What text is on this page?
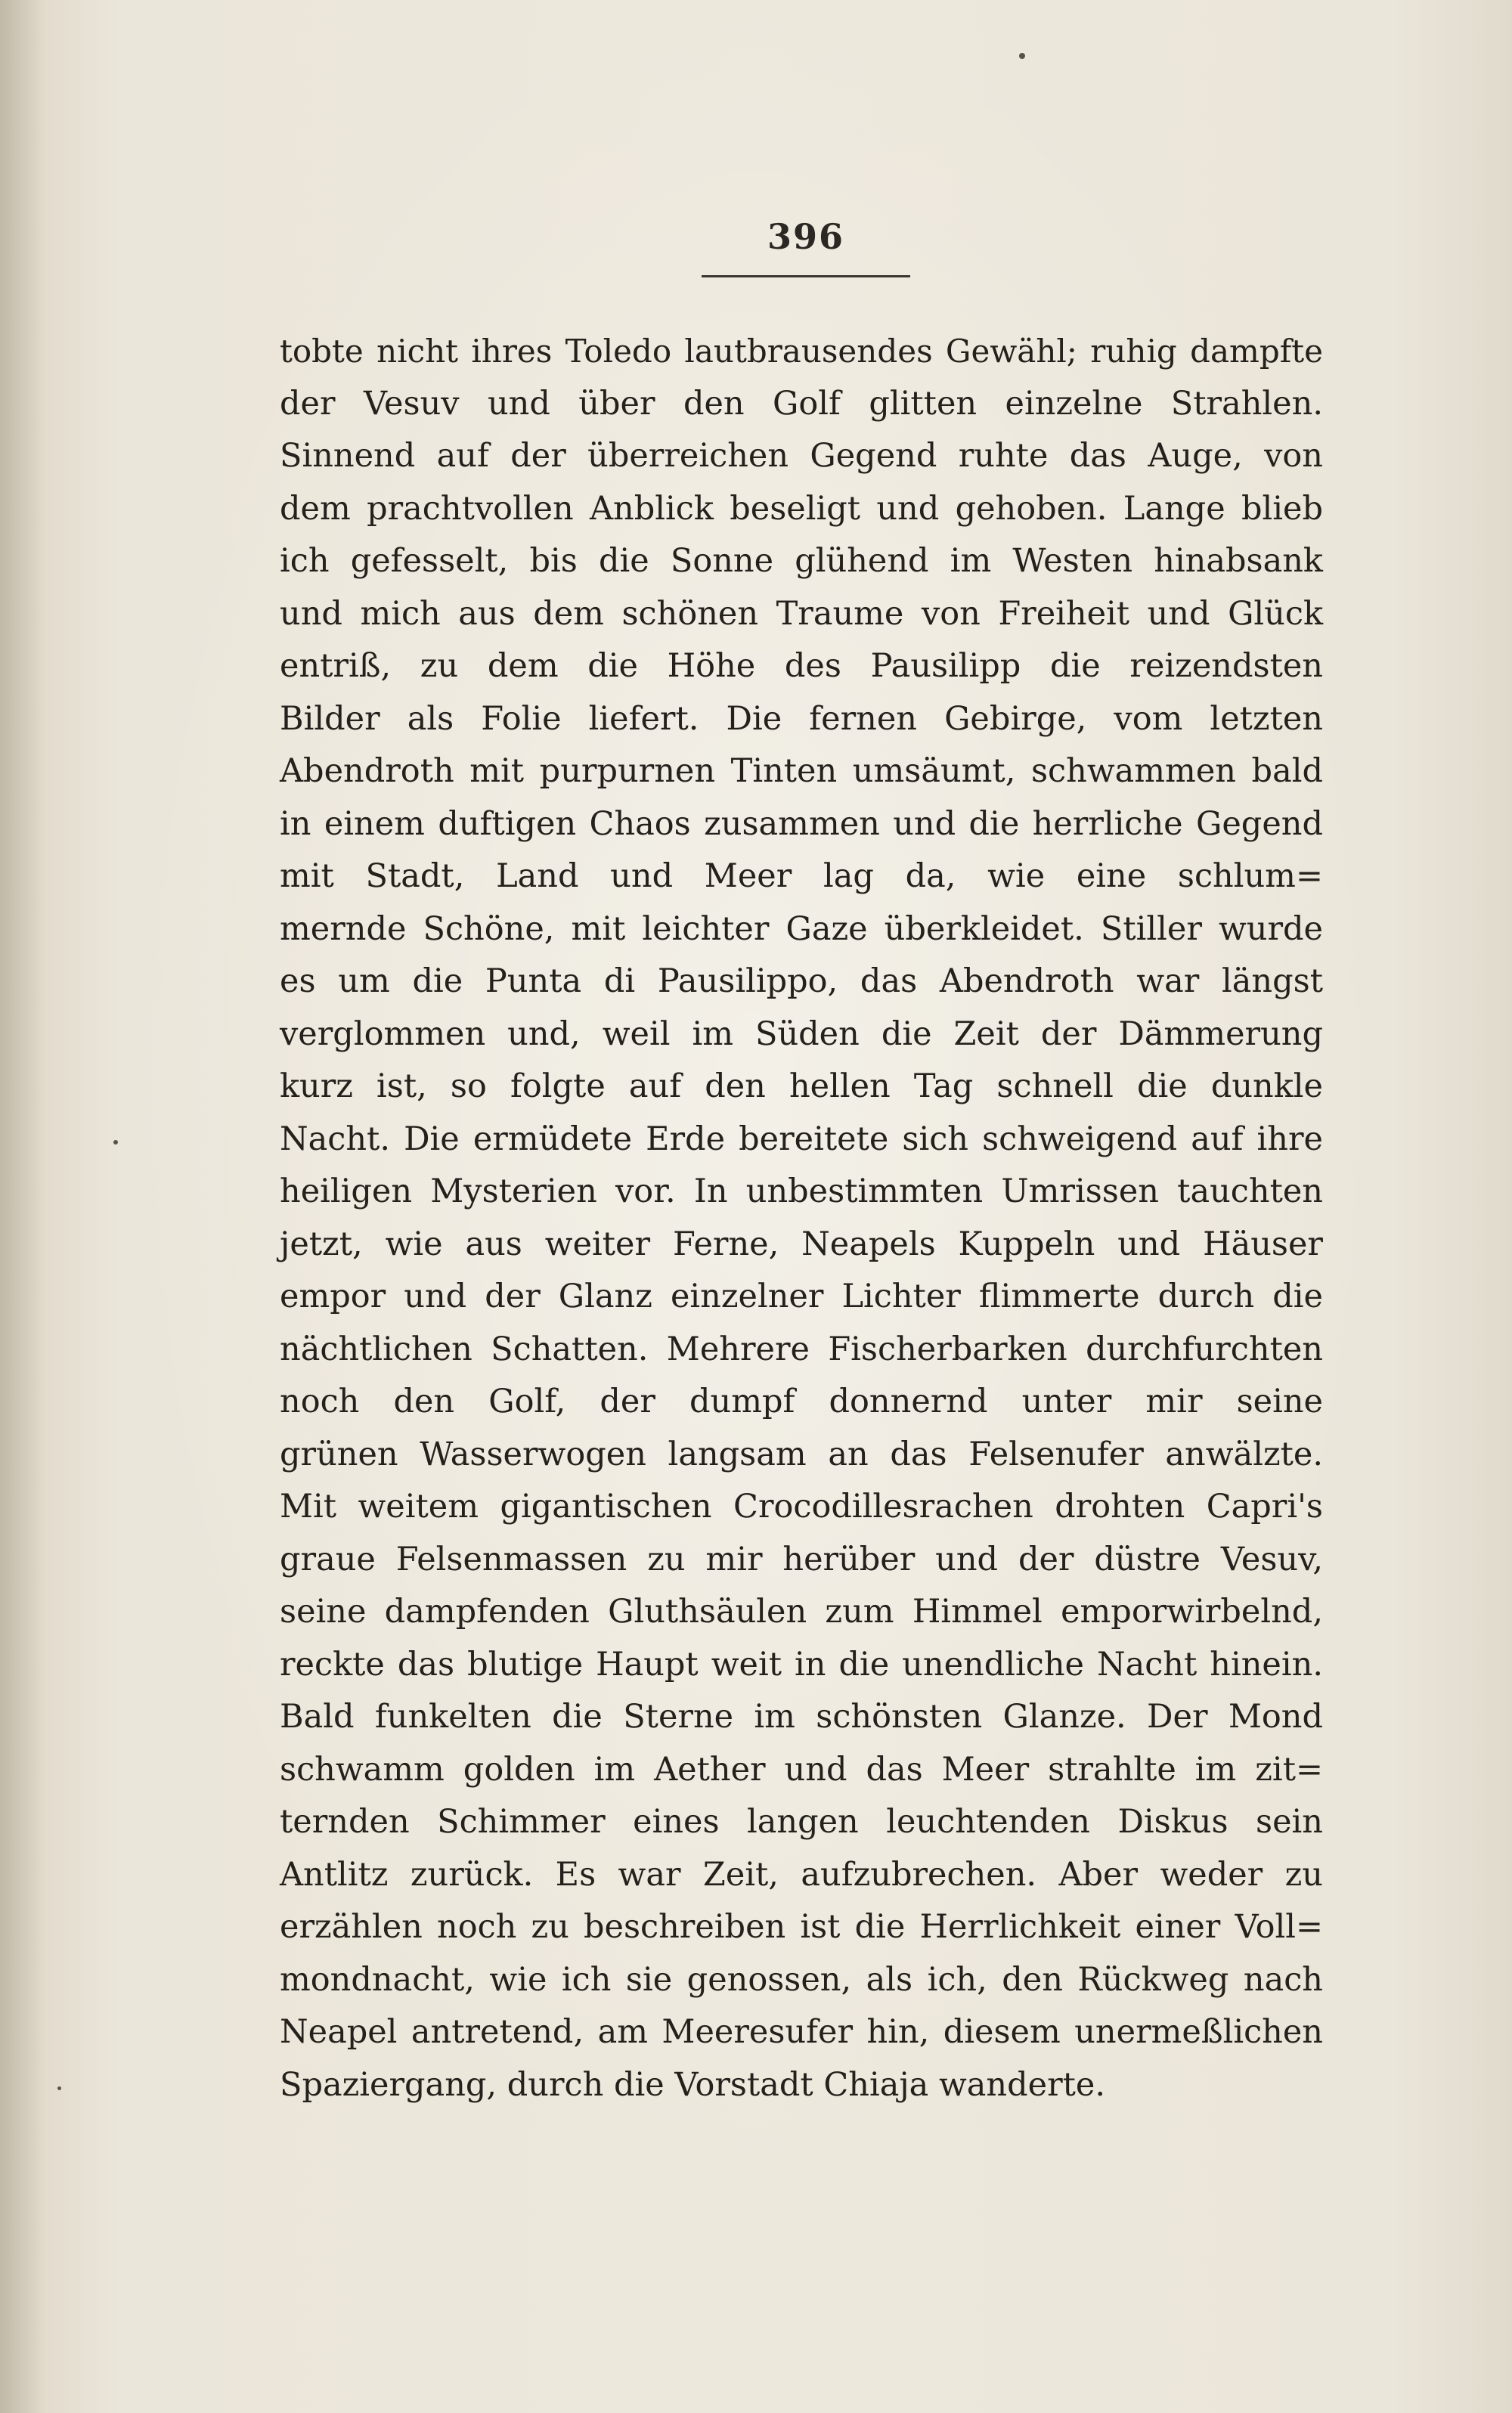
396
tobte nicht ihres Toledo lautbrausendes Gewähl; ruhig dampfte
der Vesuv und über den Golf glitten einzelne Strahlen.
Sinnend auf der überreichen Gegend ruhte das Auge, von
dem prachtvollen Anblick beseligt und gehoben. Lange blieb
ich gefesselt, bis die Sonne glühend im Westen hinabsank
und mich aus dem schönen Traume von Freiheit und Glück
entriß, zu dem die Höhe des Pausilipp die reizendsten
Bilder als Folie liefert. Die fernen Gebirge, vom letzten
Abendroth mit purpurnen Tinten umsäumt, schwammen bald
in einem duftigen Chaos zusammen und die herrliche Gegend
mit Stadt, Land und Meer lag da, wie eine schlum=
mernde Schöne, mit leichter Gaze überkleidet. Stiller wurde
es um die Punta di Pausilippo, das Abendroth war längst
verglommen und, weil im Süden die Zeit der Dämmerung
kurz ist, so folgte auf den hellen Tag schnell die dunkle
Nacht. Die ermüdete Erde bereitete sich schweigend auf ihre
heiligen Mysterien vor. In unbestimmten Umrissen tauchten
jetzt, wie aus weiter Ferne, Neapels Kuppeln und Häuser
empor und der Glanz einzelner Lichter flimmerte durch die
nächtlichen Schatten. Mehrere Fischerbarken durchfurchten
noch den Golf, der dumpf donnernd unter mir seine
grünen Wasserwogen langsam an das Felsenufer anwälzte.
Mit weitem gigantischen Crocodillesrachen drohten Capri's
graue Felsenmassen zu mir herüber und der düstre Vesuv,
seine dampfenden Gluthsäulen zum Himmel emporwirbelnd,
reckte das blutige Haupt weit in die unendliche Nacht hinein.
Bald funkelten die Sterne im schönsten Glanze. Der Mond
schwamm golden im Aether und das Meer strahlte im zit=
ternden Schimmer eines langen leuchtenden Diskus sein
Antlitz zurück. Es war Zeit, aufzubrechen. Aber weder zu
erzählen noch zu beschreiben ist die Herrlichkeit einer Voll=
mondnacht, wie ich sie genossen, als ich, den Rückweg nach
Neapel antretend, am Meeresufer hin, diesem unermeßlichen
Spaziergang, durch die Vorstadt Chiaja wanderte.
